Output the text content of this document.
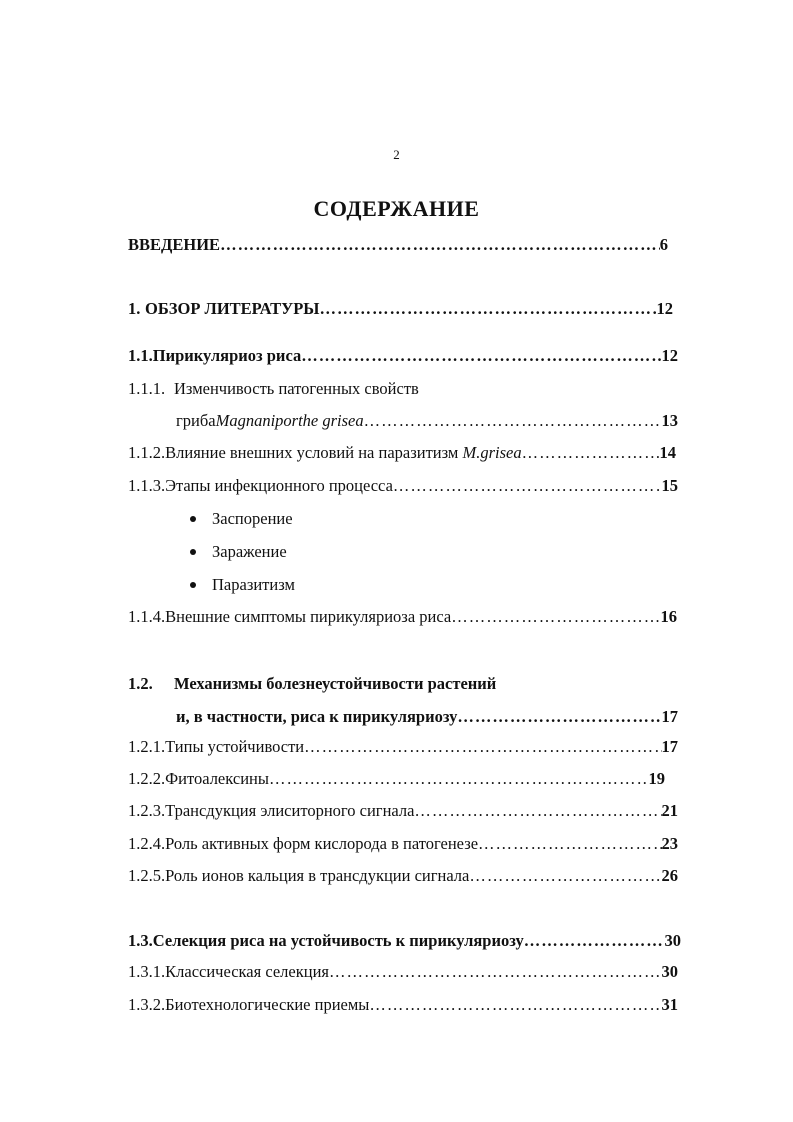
2
СОДЕРЖАНИЕ
ВВЕДЕНИЕ …………………………………………………………………………………………………………………………………………	6
1. ОБЗОР ЛИТЕРАТУРЫ …………………………………………………………………………………………………………………………………………	12
1.1. Пирикуляриоз риса …………………………………………………………………………………………………………………………………………	12
1.1.1. Изменчивость патогенных свойств
гриба Magnaniporthe grisea …………………………………………………………………………………………………………………………………………	13
1.1.2. Влияние внешних условий на паразитизм M.grisea …………………………………………………………………………………………………………………………………………	14
1.1.3. Этапы инфекционного процесса …………………………………………………………………………………………………………………………………………	15
Заспорение
Заражение
Паразитизм
1.1.4. Внешние симптомы пирикуляриоза риса …………………………………………………………………………………………………………………………………………	16
1.2.	Механизмы болезнеустойчивости растений
и, в частности, риса к пирикуляриозу …………………………………………………………………………………………………………………………………………	17
1.2.1. Типы устойчивости …………………………………………………………………………………………………………………………………………	17
1.2.2. Фитоалексины …………………………………………………………………………………………………………………………………………	19
1.2.3. Трансдукция элиситорного сигнала …………………………………………………………………………………………………………………………………………	21
1.2.4. Роль активных форм кислорода в патогенезе …………………………………………………………………………………………………………………………………………	23
1.2.5. Роль ионов кальция в трансдукции сигнала …………………………………………………………………………………………………………………………………………	26
1.3. Селекция риса на устойчивость к пирикуляриозу …………………………………………………………………………………………………………………………………………	30
1.3.1. Классическая селекция …………………………………………………………………………………………………………………………………………	30
1.3.2. Биотехнологические приемы …………………………………………………………………………………………………………………………………………	31
